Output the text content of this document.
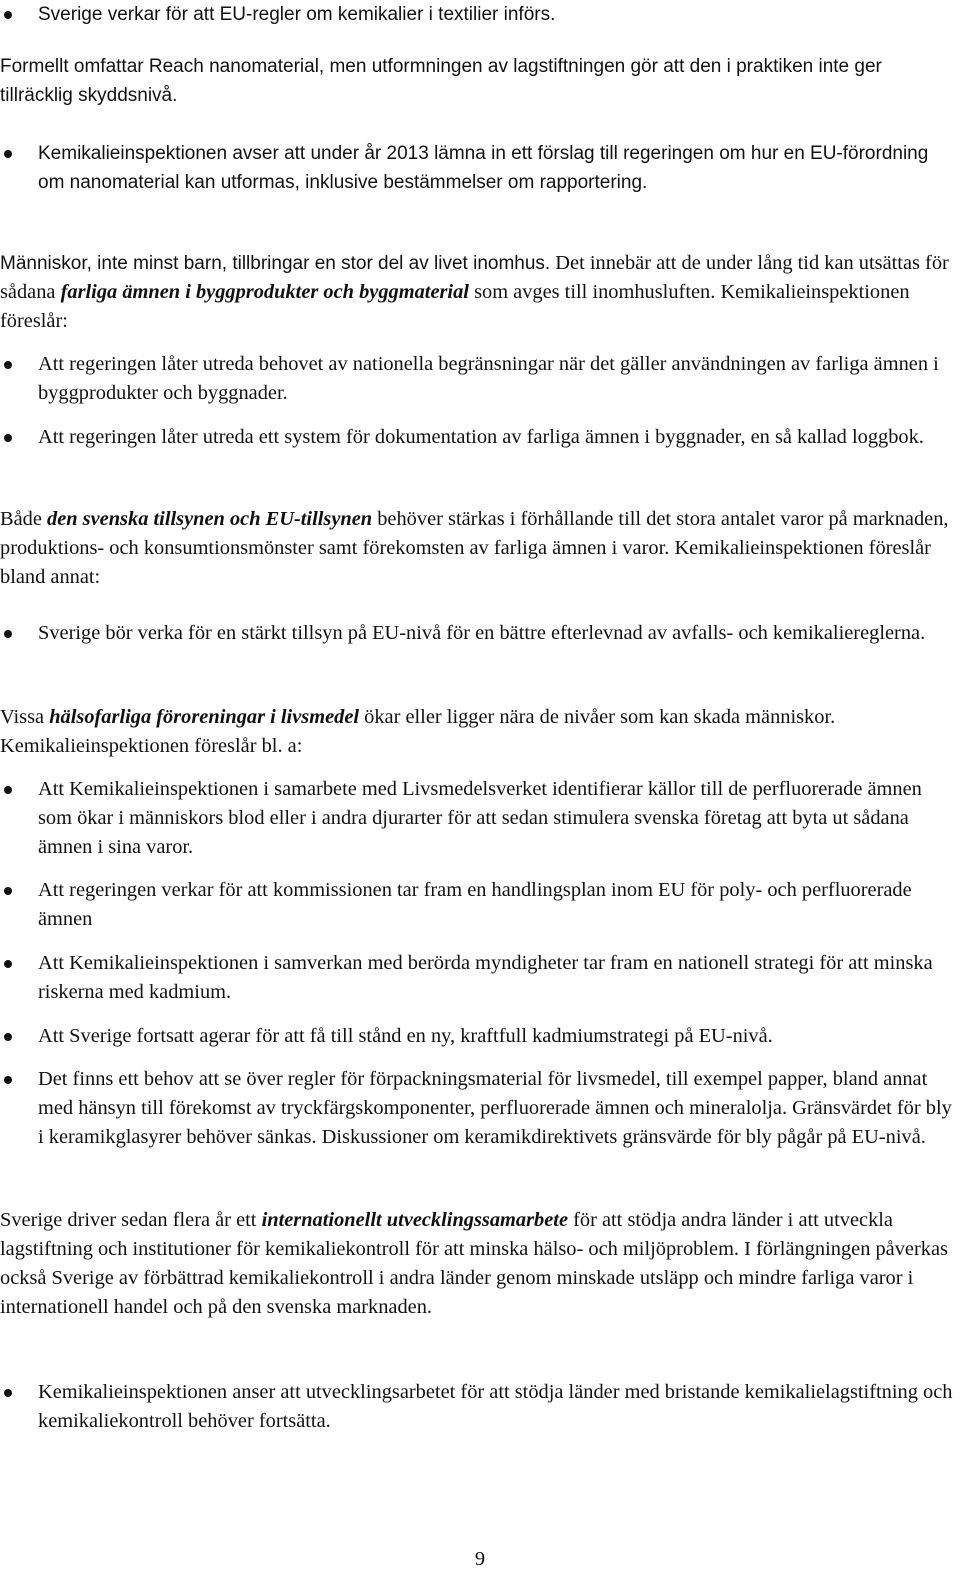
Sverige verkar för att EU-regler om kemikalier i textilier införs.

Formellt omfattar Reach nanomaterial, men utformningen av lagstiftningen gör att den i praktiken inte ger tillräcklig skyddsnivå.

Kemikalieinspektionen avser att under år 2013 lämna in ett förslag till regeringen om hur en EU-förordning om nanomaterial kan utformas, inklusive bestämmelser om rapportering.

Människor, inte minst barn, tillbringar en stor del av livet inomhus. Det innebär att de under lång tid kan utsättas för sådana farliga ämnen i byggprodukter och byggmaterial som avges till inomhusluften. Kemikalieinspektionen föreslår:

Att regeringen låter utreda behovet av nationella begränsningar när det gäller användningen av farliga ämnen i byggprodukter och byggnader.
Att regeringen låter utreda ett system för dokumentation av farliga ämnen i byggnader, en så kallad loggbok.

Både den svenska tillsynen och EU-tillsynen behöver stärkas i förhållande till det stora antalet varor på marknaden, produktions- och konsumtionsmönster samt förekomsten av farliga ämnen i varor. Kemikalieinspektionen föreslår bland annat:

Sverige bör verka för en stärkt tillsyn på EU-nivå för en bättre efterlevnad av avfalls- och kemikaliereglerna.

Vissa hälsofarliga föroreningar i livsmedel ökar eller ligger nära de nivåer som kan skada människor. Kemikalieinspektionen föreslår bl. a:

Att Kemikalieinspektionen i samarbete med Livsmedelsverket identifierar källor till de perfluorerade ämnen som ökar i människors blod eller i andra djurarter för att sedan stimulera svenska företag att byta ut sådana ämnen i sina varor.
Att regeringen verkar för att kommissionen tar fram en handlingsplan inom EU för poly- och perfluorerade ämnen
Att Kemikalieinspektionen i samverkan med berörda myndigheter tar fram en nationell strategi för att minska riskerna med kadmium.
Att Sverige fortsatt agerar för att få till stånd en ny, kraftfull kadmiumstrategi på EU-nivå.
Det finns ett behov att se över regler för förpackningsmaterial för livsmedel, till exempel papper, bland annat med hänsyn till förekomst av tryckfärgskomponenter, perfluorerade ämnen och mineralolja. Gränsvärdet för bly i keramikglasyrer behöver sänkas. Diskussioner om keramikdirektivets gränsvärde för bly pågår på EU-nivå.

Sverige driver sedan flera år ett internationellt utvecklingssamarbete för att stödja andra länder i att utveckla lagstiftning och institutioner för kemikaliekontroll för att minska hälso- och miljöproblem. I förlängningen påverkas också Sverige av förbättrad kemikaliekontroll i andra länder genom minskade utsläpp och mindre farliga varor i internationell handel och på den svenska marknaden.

Kemikalieinspektionen anser att utvecklingsarbetet för att stödja länder med bristande kemikalielagstiftning och kemikaliekontroll behöver fortsätta.
9
